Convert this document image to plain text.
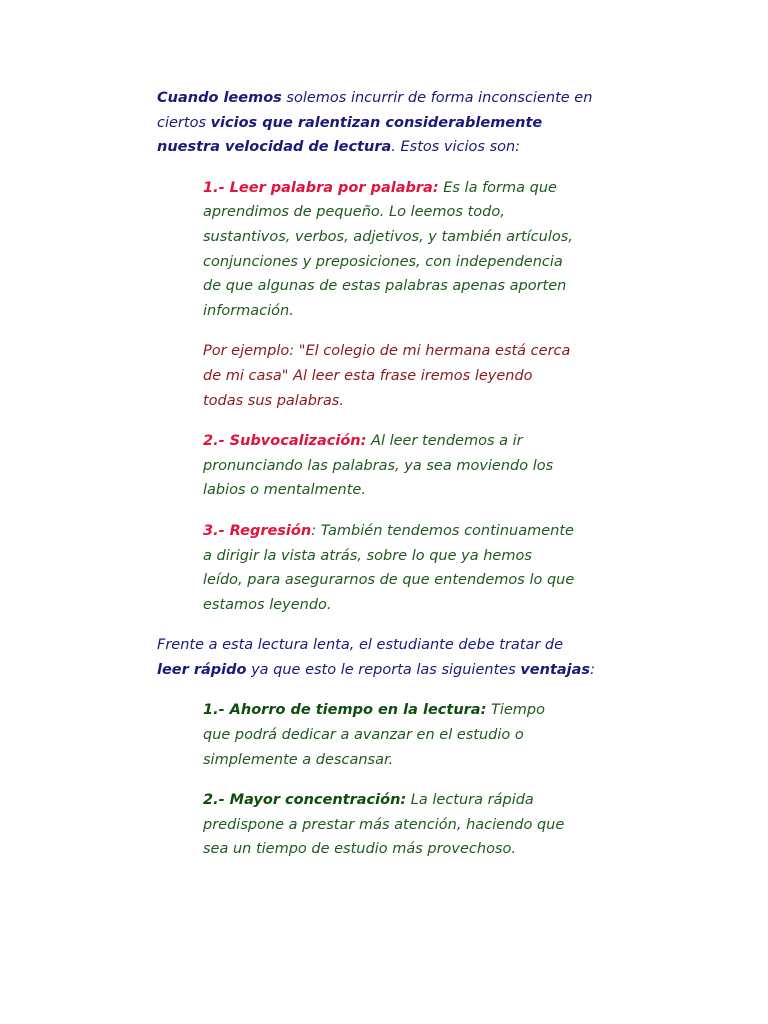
Cuando leemos solemos incurrir de forma inconsciente en ciertos vicios que ralentizan considerablemente nuestra velocidad de lectura. Estos vicios son:

1.- Leer palabra por palabra: Es la forma que aprendimos de pequeño. Lo leemos todo, sustantivos, verbos, adjetivos, y también artículos, conjunciones y preposiciones, con independencia de que algunas de estas palabras apenas aporten información.

Por ejemplo: "El colegio de mi hermana está cerca de mi casa" Al leer esta frase iremos leyendo todas sus palabras.

2.- Subvocalización: Al leer tendemos a ir pronunciando las palabras, ya sea moviendo los labios o mentalmente.

3.- Regresión: También tendemos continuamente a dirigir la vista atrás, sobre lo que ya hemos leído, para asegurarnos de que entendemos lo que estamos leyendo.

Frente a esta lectura lenta, el estudiante debe tratar de leer rápido ya que esto le reporta las siguientes ventajas:

1.- Ahorro de tiempo en la lectura: Tiempo que podrá dedicar a avanzar en el estudio o simplemente a descansar.

2.- Mayor concentración: La lectura rápida predispone a prestar más atención, haciendo que sea un tiempo de estudio más provechoso.
